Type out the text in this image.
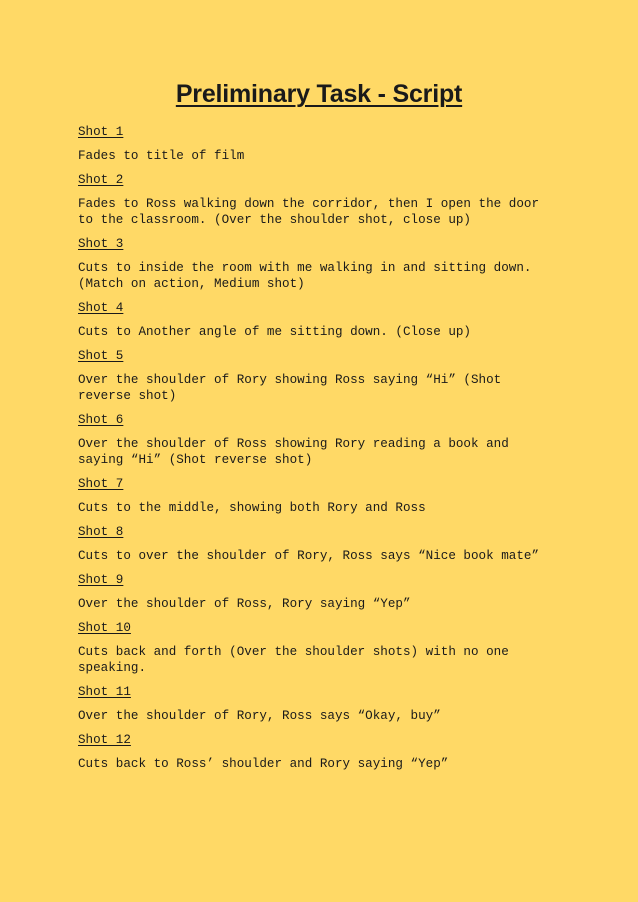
Preliminary Task - Script
Shot 1
Fades to title of film
Shot 2
Fades to Ross walking down the corridor, then I open the door
to the classroom. (Over the shoulder shot, close up)
Shot 3
Cuts to inside the room with me walking in and sitting down.
(Match on action, Medium shot)
Shot 4
Cuts to Another angle of me sitting down. (Close up)
Shot 5
Over the shoulder of Rory showing Ross saying “Hi” (Shot
reverse shot)
Shot 6
Over the shoulder of Ross showing Rory reading a book and
saying “Hi” (Shot reverse shot)
Shot 7
Cuts to the middle, showing both Rory and Ross
Shot 8
Cuts to over the shoulder of Rory, Ross says “Nice book mate”
Shot 9
Over the shoulder of Ross, Rory saying “Yep”
Shot 10
Cuts back and forth (Over the shoulder shots) with no one
speaking.
Shot 11
Over the shoulder of Rory, Ross says “Okay, buy”
Shot 12
Cuts back to Ross’ shoulder and Rory saying “Yep”
